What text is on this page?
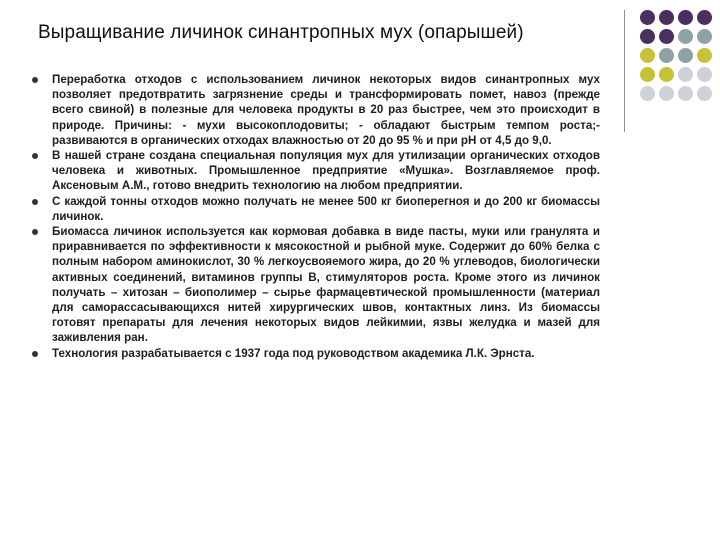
Выращивание личинок синантропных мух (опарышей)
Переработка отходов с использованием личинок некоторых видов синантропных мух позволяет предотвратить загрязнение среды и трансформировать помет, навоз (прежде всего свиной) в полезные для человека продукты в 20 раз быстрее, чем это происходит в природе. Причины: - мухи высокоплодовиты; - обладают быстрым темпом роста;- развиваются в органических отходах влажностью от 20 до 95 % и при рН от 4,5 до 9,0.
В нашей стране создана специальная популяция мух для утилизации органических отходов человека и животных. Промышленное предприятие «Мушка». Возглавляемое проф. Аксеновым А.М., готово внедрить технологию на любом предприятии.
С каждой тонны отходов можно получать не менее 500 кг биоперегноя и до 200 кг биомассы личинок.
Биомасса личинок используется как кормовая добавка в виде пасты, муки или гранулята и приравнивается по эффективности к мясокостной и рыбной муке. Содержит до 60% белка с полным набором аминокислот, 30 % легкоусвояемого жира, до 20 % углеводов, биологически активных соединений, витаминов группы В, стимуляторов роста. Кроме этого из личинок получать – хитозан – биополимер – сырье фармацевтической промышленности (материал для саморассасывающихся нитей хирургических швов, контактных линз. Из биомассы готовят препараты для лечения некоторых видов лейкимии, язвы желудка и мазей для заживления ран.
Технология разрабатывается с 1937 года под руководством академика Л.К. Эрнста.
